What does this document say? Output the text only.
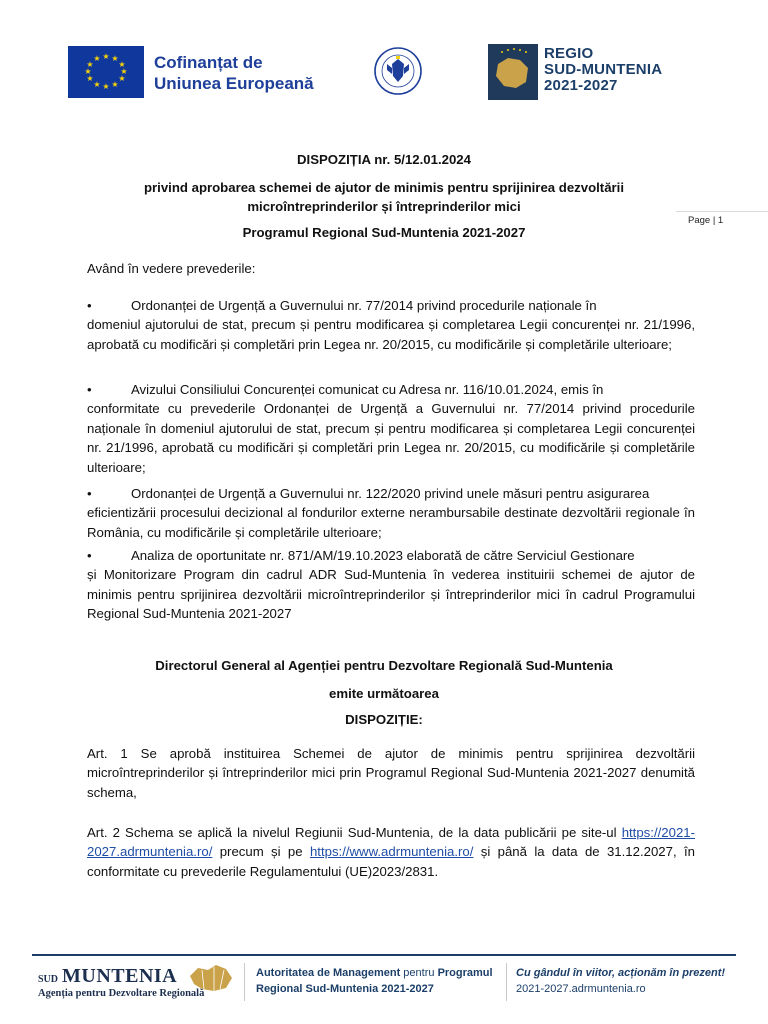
★ ★
★
★
★
★
★
★
★
★
★
★	Cofinanțat de
Uniunea Europeană
REGIO
SUD-MUNTENIA
2021-2027
Page | 1
DISPOZIȚIA nr. 5/12.01.2024
privind aprobarea schemei de ajutor de minimis pentru sprijinirea dezvoltării
microîntreprinderilor și întreprinderilor mici
Programul Regional Sud-Muntenia 2021-2027
Având în vedere prevederile:
•	Ordonanței de Urgență a Guvernului nr. 77/2014 privind procedurile naționale în
domeniul ajutorului de stat, precum și pentru modificarea și completarea Legii concurenței nr. 21/1996, aprobată cu modificări și completări prin Legea nr. 20/2015, cu modificările și completările ulterioare;
•	Avizului Consiliului Concurenței comunicat cu Adresa nr. 116/10.01.2024, emis în
conformitate cu prevederile Ordonanței de Urgență a Guvernului nr. 77/2014 privind procedurile naționale în domeniul ajutorului de stat, precum și pentru modificarea și completarea Legii concurenței nr. 21/1996, aprobată cu modificări și completări prin Legea nr. 20/2015, cu modificările și completările ulterioare;
•	Ordonanței de Urgență a Guvernului nr. 122/2020 privind unele măsuri pentru asigurarea
eficientizării procesului decizional al fondurilor externe nerambursabile destinate dezvoltării regionale în România, cu modificările și completările ulterioare;
•	Analiza de oportunitate nr. 871/AM/19.10.2023 elaborată de către Serviciul Gestionare
și Monitorizare Program din cadrul ADR Sud-Muntenia în vederea instituirii schemei de ajutor de minimis pentru sprijinirea dezvoltării microîntreprinderilor și întreprinderilor mici în cadrul Programului Regional Sud-Muntenia 2021-2027
Directorul General al Agenției pentru Dezvoltare Regională Sud-Muntenia
emite următoarea
DISPOZIȚIE:
Art. 1 Se aprobă instituirea Schemei de ajutor de minimis pentru sprijinirea dezvoltării microîntreprinderilor și întreprinderilor mici prin Programul Regional Sud-Muntenia 2021-2027 denumită schema,
Art. 2 Schema se aplică la nivelul Regiunii Sud-Muntenia, de la data publicării pe site-ul https://2021-2027.adrmuntenia.ro/ precum și pe https://www.adrmuntenia.ro/ și până la data de 31.12.2027, în conformitate cu prevederile Regulamentului (UE)2023/2831.
SUD MUNTENIA
Agenția pentru Dezvoltare Regională
Autoritatea de Management pentru Programul
Regional Sud-Muntenia 2021-2027
Cu gândul în viitor, acționăm în prezent!
2021-2027.adrmuntenia.ro
